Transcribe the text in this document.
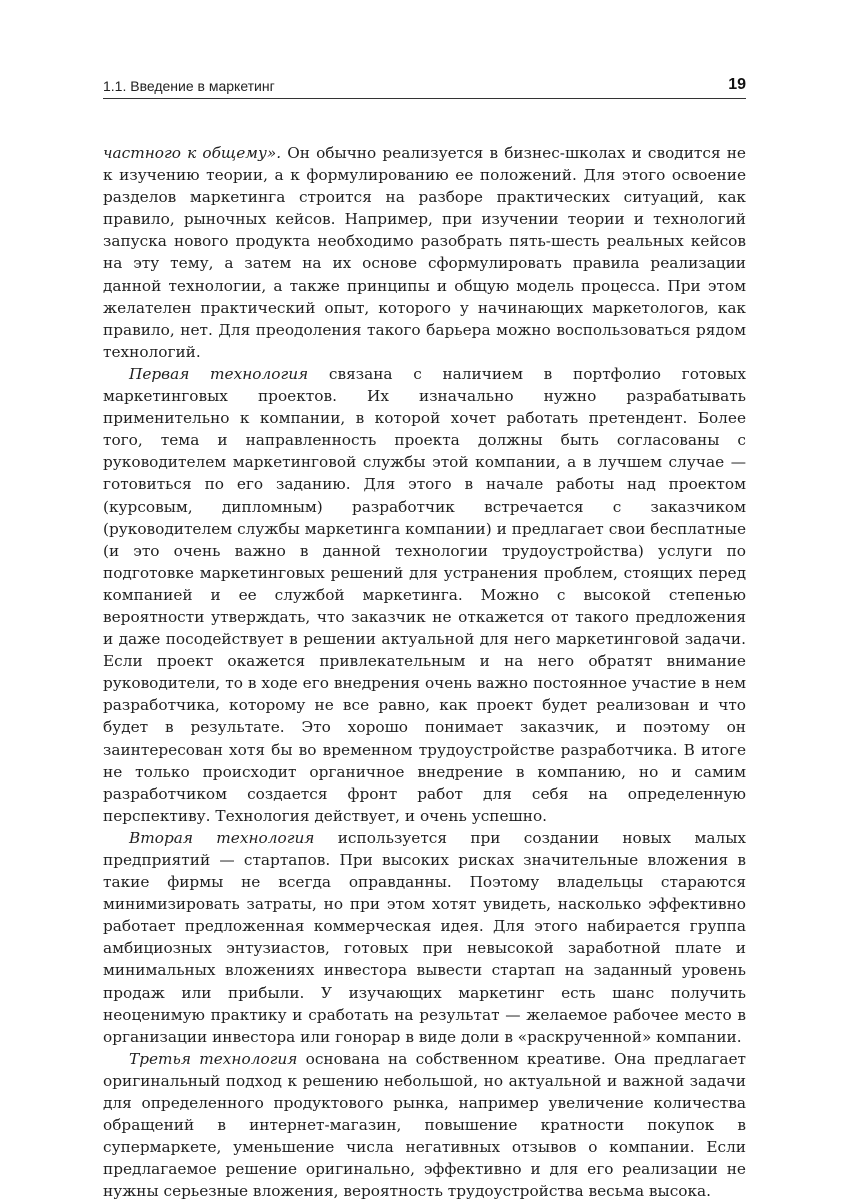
1.1. Введение в маркетинг	19

частного к общему». Он обычно реализуется в бизнес-школах и сводится не к изучению теории, а к формулированию ее положений. Для этого освоение разделов маркетинга строится на разборе практических ситуаций, как правило, рыночных кейсов. Например, при изучении теории и технологий запуска нового продукта необходимо разобрать пять-шесть реальных кейсов на эту тему, а затем на их основе сформулировать правила реализации данной технологии, а также принципы и общую модель процесса. При этом желателен практический опыт, которого у начинающих маркетологов, как правило, нет. Для преодоления такого барьера можно воспользоваться рядом технологий.

Первая технология связана с наличием в портфолио готовых маркетинговых проектов. Их изначально нужно разрабатывать применительно к компании, в которой хочет работать претендент. Более того, тема и направленность проекта должны быть согласованы с руководителем маркетинговой службы этой компании, а в лучшем случае — готовиться по его заданию. Для этого в начале работы над проектом (курсовым, дипломным) разработчик встречается с заказчиком (руководителем службы маркетинга компании) и предлагает свои бесплатные (и это очень важно в данной технологии трудоустройства) услуги по подготовке маркетинговых решений для устранения проблем, стоящих перед компанией и ее службой маркетинга. Можно с высокой степенью вероятности утверждать, что заказчик не откажется от такого предложения и даже посодействует в решении актуальной для него маркетинговой задачи. Если проект окажется привлекательным и на него обратят внимание руководители, то в ходе его внедрения очень важно постоянное участие в нем разработчика, которому не все равно, как проект будет реализован и что будет в результате. Это хорошо понимает заказчик, и поэтому он заинтересован хотя бы во временном трудоустройстве разработчика. В итоге не только происходит органичное внедрение в компанию, но и самим разработчиком создается фронт работ для себя на определенную перспективу. Технология действует, и очень успешно.

Вторая технология используется при создании новых малых предприятий — стартапов. При высоких рисках значительные вложения в такие фирмы не всегда оправданны. Поэтому владельцы стараются минимизировать затраты, но при этом хотят увидеть, насколько эффективно работает предложенная коммерческая идея. Для этого набирается группа амбициозных энтузиастов, готовых при невысокой заработной плате и минимальных вложениях инвестора вывести стартап на заданный уровень продаж или прибыли. У изучающих маркетинг есть шанс получить неоценимую практику и сработать на результат — желаемое рабочее место в организации инвестора или гонорар в виде доли в «раскрученной» компании.

Третья технология основана на собственном креативе. Она предлагает оригинальный подход к решению небольшой, но актуальной и важной задачи для определенного продуктового рынка, например увеличение количества обращений в интернет-магазин, повышение кратности покупок в супермаркете, уменьшение числа негативных отзывов о компании. Если предлагаемое решение оригинально, эффективно и для его реализации не нужны серьезные вложения, вероятность трудоустройства весьма высока.
